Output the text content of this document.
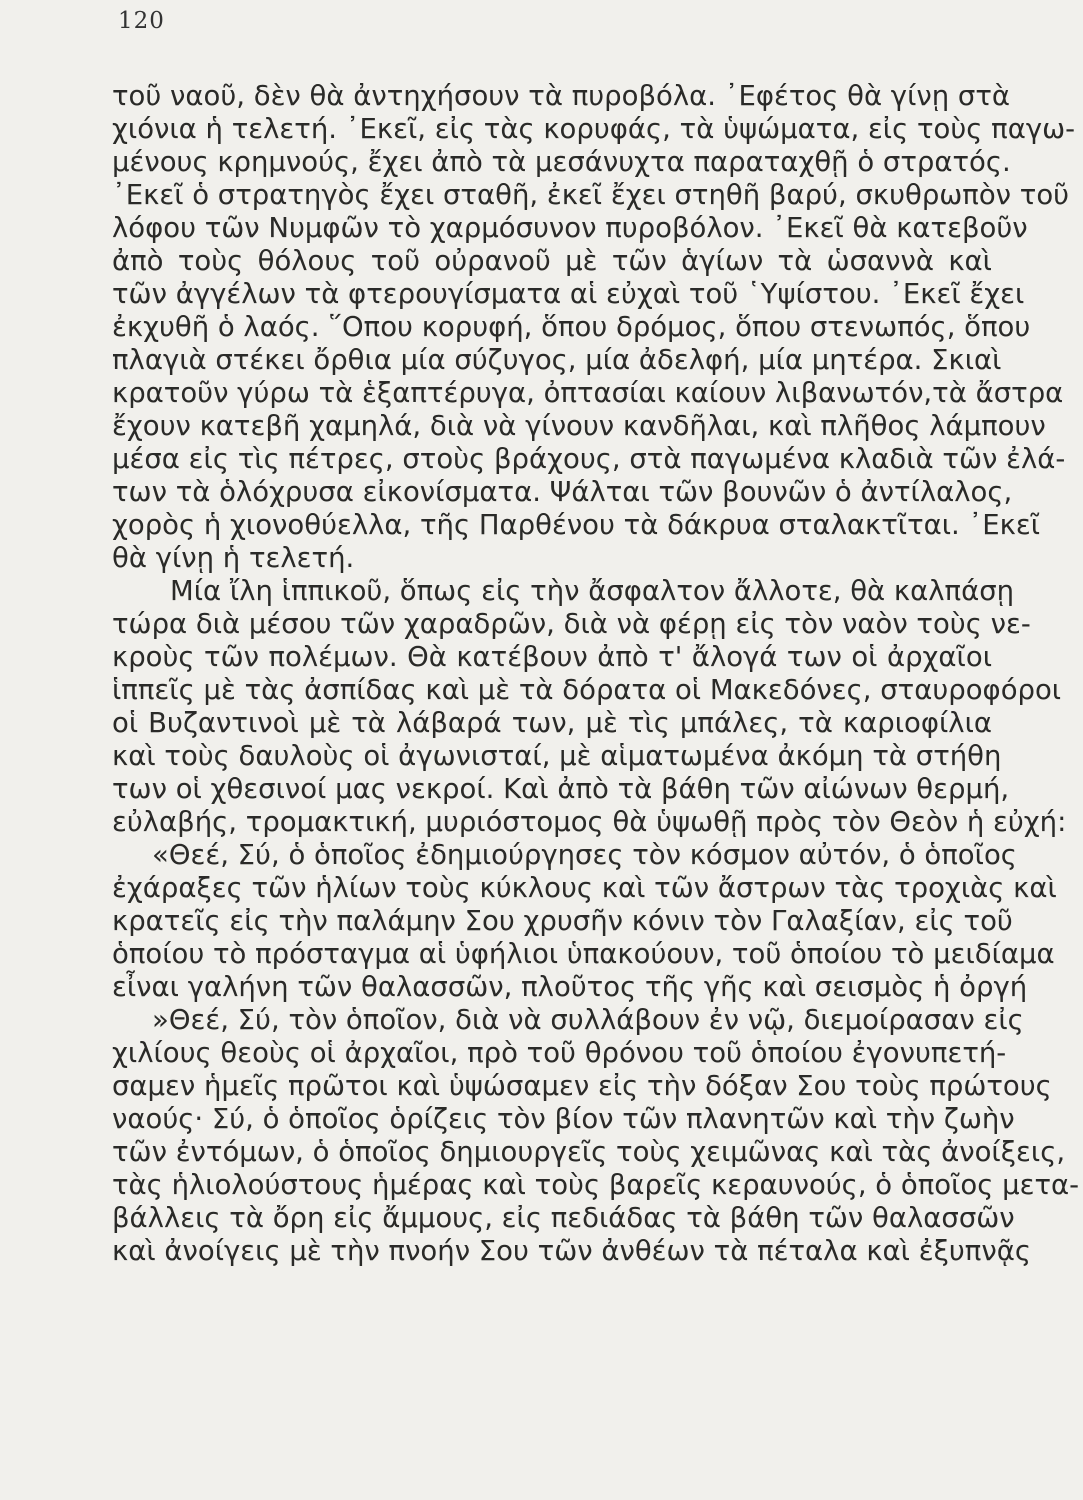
120
τοῦ ναοῦ, δὲν θὰ ἀντηχήσουν τὰ πυροβόλα. ᾿Εφέτος θὰ γίνῃ στὰ
χιόνια ἡ τελετή. ᾿Εκεῖ, εἰς τὰς κορυφάς, τὰ ὑψώματα, εἰς τοὺς παγω-
μένους κρημνούς, ἔχει ἀπὸ τὰ μεσάνυχτα παραταχθῇ ὁ στρατός.
᾿Εκεῖ ὁ στρατηγὸς ἔχει σταθῆ, ἐκεῖ ἔχει στηθῆ βαρύ, σκυθρωπὸν τοῦ
λόφου τῶν Νυμφῶν τὸ χαρμόσυνον πυροβόλον. ᾿Εκεῖ θὰ κατεβοῦν
ἀπὸ τοὺς θόλους τοῦ οὐρανοῦ μὲ τῶν ἁγίων τὰ ὡσαννὰ καὶ
τῶν ἀγγέλων τὰ φτερουγίσματα αἱ εὐχαὶ τοῦ ῾Υψίστου. ᾿Εκεῖ ἔχει
ἐκχυθῆ ὁ λαός. ῞Οπου κορυφή, ὅπου δρόμος, ὅπου στενωπός, ὅπου
πλαγιὰ στέκει ὄρθια μία σύζυγος, μία ἀδελφή, μία μητέρα. Σκιαὶ
κρατοῦν γύρω τὰ ἑξαπτέρυγα, ὀπτασίαι καίουν λιβανωτόν,τὰ ἄστρα
ἔχουν κατεβῆ χαμηλά, διὰ νὰ γίνουν κανδῆλαι, καὶ πλῆθος λάμπουν
μέσα εἰς τὶς πέτρες, στοὺς βράχους, στὰ παγωμένα κλαδιὰ τῶν ἐλά-
των τὰ ὁλόχρυσα εἰκονίσματα. Ψάλται τῶν βουνῶν ὁ ἀντίλαλος,
χορὸς ἡ χιονοθύελλα, τῆς Παρθένου τὰ δάκρυα σταλακτῖται. ᾿Εκεῖ
θὰ γίνῃ ἡ τελετή.
Μία ἴλη ἱππικοῦ, ὅπως εἰς τὴν ἄσφαλτον ἄλλοτε, θὰ καλπάσῃ
τώρα διὰ μέσου τῶν χαραδρῶν, διὰ νὰ φέρῃ εἰς τὸν ναὸν τοὺς νε-
κροὺς τῶν πολέμων. Θὰ κατέβουν ἀπὸ τ' ἄλογά των οἱ ἀρχαῖοι
ἱππεῖς μὲ τὰς ἀσπίδας καὶ μὲ τὰ δόρατα οἱ Μακεδόνες, σταυροφόροι
οἱ Βυζαντινοὶ μὲ τὰ λάβαρά των, μὲ τὶς μπάλες, τὰ καριοφίλια
καὶ τοὺς δαυλοὺς οἱ ἀγωνισταί, μὲ αἱματωμένα ἀκόμη τὰ στήθη
των οἱ χθεσινοί μας νεκροί. Καὶ ἀπὸ τὰ βάθη τῶν αἰώνων θερμή,
εὐλαβής, τρομακτική, μυριόστομος θὰ ὑψωθῇ πρὸς τὸν Θεὸν ἡ εὐχή:
«Θεέ, Σύ, ὁ ὁποῖος ἐδημιούργησες τὸν κόσμον αὐτόν, ὁ ὁποῖος
ἐχάραξες τῶν ἡλίων τοὺς κύκλους καὶ τῶν ἄστρων τὰς τροχιὰς καὶ
κρατεῖς εἰς τὴν παλάμην Σου χρυσῆν κόνιν τὸν Γαλαξίαν, εἰς τοῦ
ὁποίου τὸ πρόσταγμα αἱ ὑφήλιοι ὑπακούουν, τοῦ ὁποίου τὸ μειδίαμα
εἶναι γαλήνη τῶν θαλασσῶν, πλοῦτος τῆς γῆς καὶ σεισμὸς ἡ ὀργή
»Θεέ, Σύ, τὸν ὁποῖον, διὰ νὰ συλλάβουν ἐν νῷ, διεμοίρασαν εἰς
χιλίους θεοὺς οἱ ἀρχαῖοι, πρὸ τοῦ θρόνου τοῦ ὁποίου ἐγονυπετή-
σαμεν ἡμεῖς πρῶτοι καὶ ὑψώσαμεν εἰς τὴν δόξαν Σου τοὺς πρώτους
ναούς· Σύ, ὁ ὁποῖος ὁρίζεις τὸν βίον τῶν πλανητῶν καὶ τὴν ζωὴν
τῶν ἐντόμων, ὁ ὁποῖος δημιουργεῖς τοὺς χειμῶνας καὶ τὰς ἀνοίξεις,
τὰς ἡλιολούστους ἡμέρας καὶ τοὺς βαρεῖς κεραυνούς, ὁ ὁποῖος μετα-
βάλλεις τὰ ὄρη εἰς ἄμμους, εἰς πεδιάδας τὰ βάθη τῶν θαλασσῶν
καὶ ἀνοίγεις μὲ τὴν πνοήν Σου τῶν ἀνθέων τὰ πέταλα καὶ ἐξυπνᾷς
